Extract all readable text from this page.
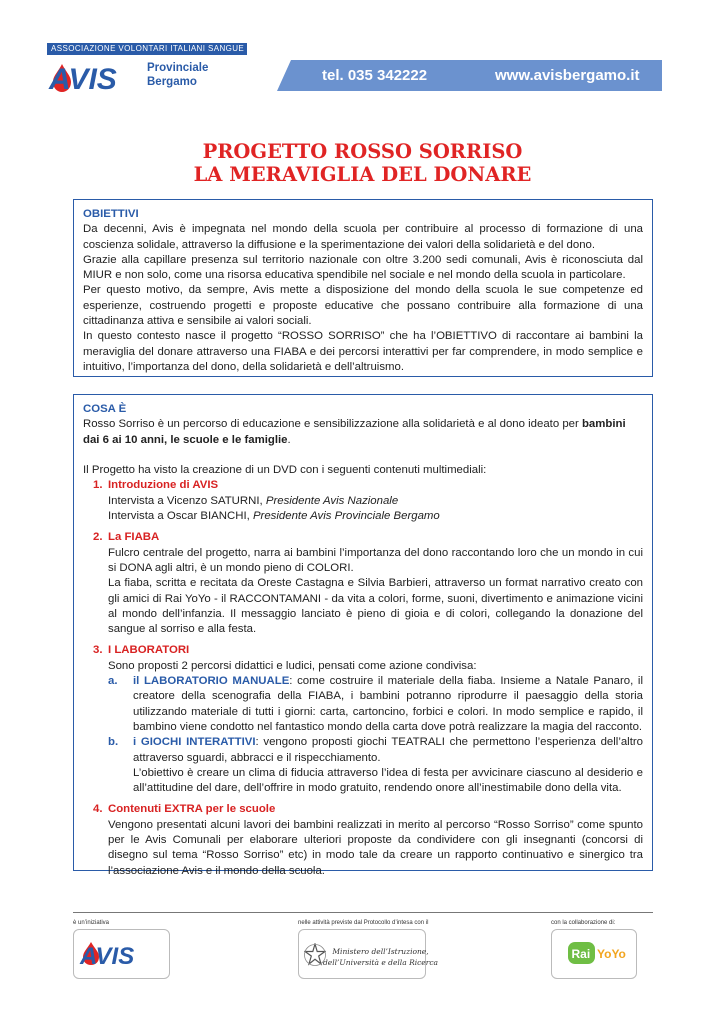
ASSOCIAZIONE VOLONTARI ITALIANI SANGUE
AVIS	Provinciale
Bergamo	tel. 035 342222	www.avisbergamo.it
PROGETTO ROSSO SORRISO
LA MERAVIGLIA DEL DONARE
OBIETTIVI
Da decenni, Avis è impegnata nel mondo della scuola per contribuire al processo di formazione di una coscienza solidale, attraverso la diffusione e la sperimentazione dei valori della solidarietà e del dono.
Grazie alla capillare presenza sul territorio nazionale con oltre 3.200 sedi comunali, Avis è riconosciuta dal MIUR e non solo, come una risorsa educativa spendibile nel sociale e nel mondo della scuola in particolare.
Per questo motivo, da sempre, Avis mette a disposizione del mondo della scuola le sue competenze ed esperienze, costruendo progetti e proposte educative che possano contribuire alla formazione di una cittadinanza attiva e sensibile ai valori sociali.
In questo contesto nasce il progetto “ROSSO SORRISO” che ha l’OBIETTIVO di raccontare ai bambini la meraviglia del donare attraverso una FIABA e dei percorsi interattivi per far comprendere, in modo semplice e intuitivo, l’importanza del dono, della solidarietà e dell’altruismo.
COSA È
Rosso Sorriso è un percorso di educazione e sensibilizzazione alla solidarietà e al dono ideato per bambini dai 6 ai 10 anni, le scuole e le famiglie.
Il Progetto ha visto la creazione di un DVD con i seguenti contenuti multimediali:
1. Introduzione di AVIS
Intervista a Vicenzo SATURNI, Presidente Avis Nazionale
Intervista a Oscar BIANCHI, Presidente Avis Provinciale Bergamo
2. La FIABA
Fulcro centrale del progetto, narra ai bambini l’importanza del dono raccontando loro che un mondo in cui si DONA agli altri, è un mondo pieno di COLORI.
La fiaba, scritta e recitata da Oreste Castagna e Silvia Barbieri, attraverso un format narrativo creato con gli amici di Rai YoYo - il RACCONTAMANI - da vita a colori, forme, suoni, divertimento e animazione vicini al mondo dell’infanzia. Il messaggio lanciato è pieno di gioia e di colori, collegando la donazione del sangue al sorriso e alla festa.
3. I LABORATORI
Sono proposti 2 percorsi didattici e ludici, pensati come azione condivisa:
a. il LABORATORIO MANUALE: come costruire il materiale della fiaba. Insieme a Natale Panaro, il creatore della scenografia della FIABA, i bambini potranno riprodurre il paesaggio della storia utilizzando materiale di tutti i giorni: carta, cartoncino, forbici e colori. In modo semplice e rapido, il bambino viene condotto nel fantastico mondo della carta dove potrà realizzare la magia del racconto.
b. i GIOCHI INTERATTIVI: vengono proposti giochi TEATRALI che permettono l’esperienza dell’altro attraverso sguardi, abbracci e il rispecchiamento.
L’obiettivo è creare un clima di fiducia attraverso l’idea di festa per avvicinare ciascuno al desiderio e all’attitudine del dare, dell’offrire in modo gratuito, rendendo onore all’inestimabile dono della vita.
4. Contenuti EXTRA per le scuole
Vengono presentati alcuni lavori dei bambini realizzati in merito al percorso “Rosso Sorriso” come spunto per le Avis Comunali per elaborare ulteriori proposte da condividere con gli insegnanti (concorsi di disegno sul tema “Rosso Sorriso” etc) in modo tale da creare un rapporto continuativo e sinergico tra l’associazione Avis e il mondo della scuola.
è un’iniziativa	nelle attività previste dal Protocollo d’intesa con il	con la collaborazione di:
AVIS	Ministero dell’Istruzione,
dell’Università e della Ricerca
Rai YoYo
